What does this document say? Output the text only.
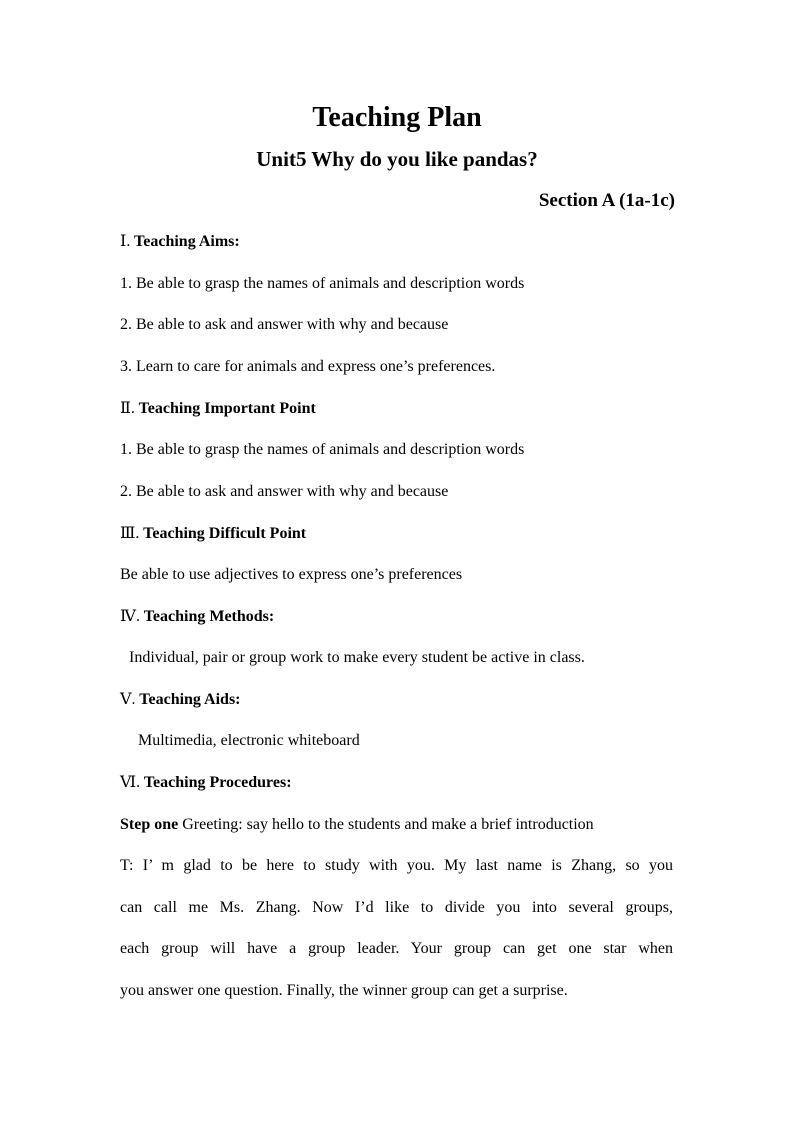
Teaching Plan
Unit5 Why do you like pandas?
Section A (1a-1c)
Ⅰ. Teaching Aims:
1. Be able to grasp the names of animals and description words
2. Be able to ask and answer with why and because
3. Learn to care for animals and express one’s preferences.
Ⅱ. Teaching Important Point
1. Be able to grasp the names of animals and description words
2. Be able to ask and answer with why and because
Ⅲ. Teaching Difficult Point
Be able to use adjectives to express one’s preferences
Ⅳ. Teaching Methods:
Individual, pair or group work to make every student be active in class.
Ⅴ. Teaching Aids:
Multimedia, electronic whiteboard
Ⅵ. Teaching Procedures:
Step one Greeting: say hello to the students and make a brief introduction
T: I’ m glad to be here to study with you. My last name is Zhang, so you
can call me Ms. Zhang. Now I’d like to divide you into several groups,
each group will have a group leader. Your group can get one star when
you answer one question. Finally, the winner group can get a surprise.
